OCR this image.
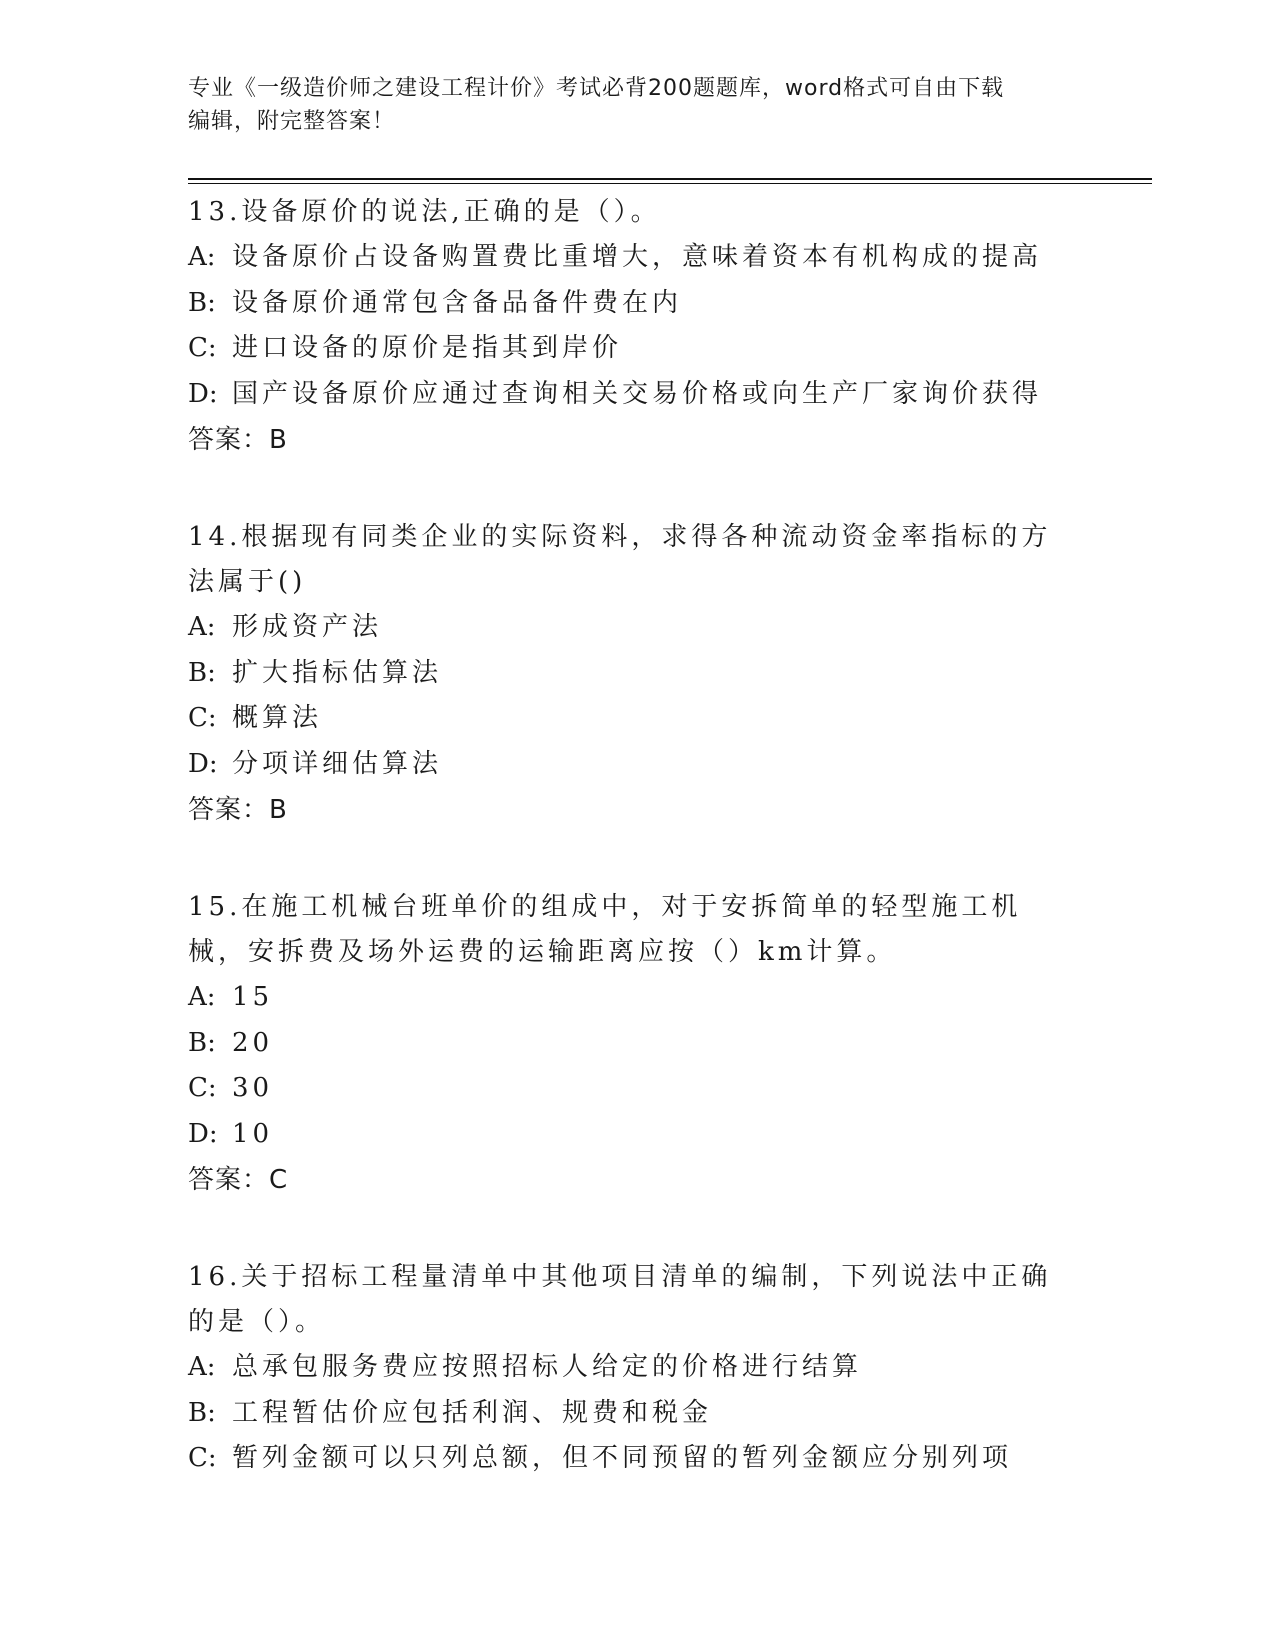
专业《一级造价师之建设工程计价》考试必背200题题库，word格式可自由下载
编辑，附完整答案！
13.设备原价的说法,正确的是（）。
A: 设备原价占设备购置费比重增大，意味着资本有机构成的提高
B: 设备原价通常包含备品备件费在内
C: 进口设备的原价是指其到岸价
D: 国产设备原价应通过查询相关交易价格或向生产厂家询价获得
答案：B
14.根据现有同类企业的实际资料，求得各种流动资金率指标的方法属于()
A: 形成资产法
B: 扩大指标估算法
C: 概算法
D: 分项详细估算法
答案：B
15.在施工机械台班单价的组成中，对于安拆简单的轻型施工机械，安拆费及场外运费的运输距离应按（）km计算。
A: 15
B: 20
C: 30
D: 10
答案：C
16.关于招标工程量清单中其他项目清单的编制，下列说法中正确的是（）。
A: 总承包服务费应按照招标人给定的价格进行结算
B: 工程暂估价应包括利润、规费和税金
C: 暂列金额可以只列总额，但不同预留的暂列金额应分别列项
